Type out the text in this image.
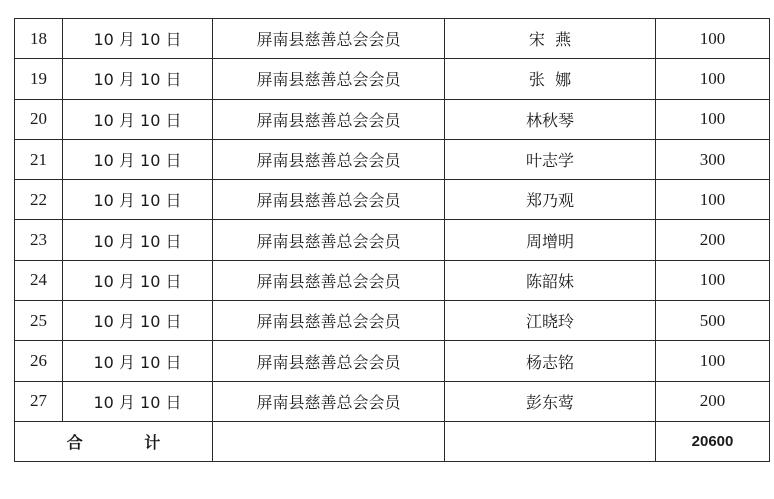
18	10 月 10 日	屏南县慈善总会会员	宋  燕	100
19	10 月 10 日	屏南县慈善总会会员	张  娜	100
20	10 月 10 日	屏南县慈善总会会员	林秋琴	100
21	10 月 10 日	屏南县慈善总会会员	叶志学	300
22	10 月 10 日	屏南县慈善总会会员	郑乃观	100
23	10 月 10 日	屏南县慈善总会会员	周增明	200
24	10 月 10 日	屏南县慈善总会会员	陈韶妹	100
25	10 月 10 日	屏南县慈善总会会员	江晓玲	500
26	10 月 10 日	屏南县慈善总会会员	杨志铭	100
27	10 月 10 日	屏南县慈善总会会员	彭东莺	200
合 计				20600
